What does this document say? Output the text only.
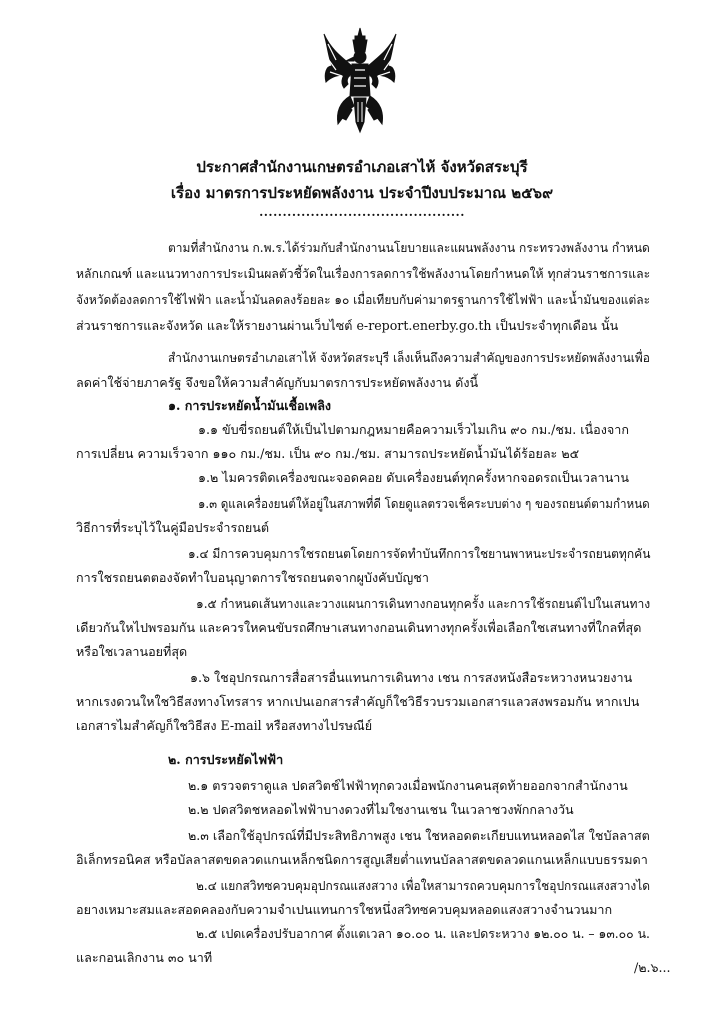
ประกาศสำนักงานเกษตรอำเภอเสาไห้ จังหวัดสระบุรี
เรื่อง มาตรการประหยัดพลังงาน ประจำปีงบประมาณ ๒๕๖๙
............................................
ตามที่สำนักงาน ก.พ.ร.ได้ร่วมกับสำนักงานนโยบายและแผนพลังงาน กระทรวงพลังงาน กำหนด
หลักเกณฑ์ และแนวทางการประเมินผลตัวชี้วัดในเรื่องการลดการใช้พลังงานโดยกำหนดให้ ทุกส่วนราชการและ
จังหวัดต้องลดการใช้ไฟฟ้า และน้ำมันลดลงร้อยละ ๑๐ เมื่อเทียบกับค่ามาตรฐานการใช้ไฟฟ้า และน้ำมันของแต่ละ
ส่วนราชการและจังหวัด และให้รายงานผ่านเว็บไซต์ e-report.enerby.go.th เป็นประจำทุกเดือน นั้น
สำนักงานเกษตรอำเภอเสาไห้ จังหวัดสระบุรี เล็งเห็นถึงความสำคัญของการประหยัดพลังงานเพื่อ
ลดค่าใช้จ่ายภาครัฐ จึงขอให้ความสำคัญกับมาตรการประหยัดพลังงาน ดังนี้
๑. การประหยัดน้ำมันเชื้อเพลิง
๑.๑ ขับขี่รถยนต์ให้เป็นไปตามกฎหมายคือความเร็วไมเกิน ๙๐ กม./ชม. เนื่องจาก
การเปลี่ยน ความเร็วจาก ๑๑๐ กม./ชม. เป็น ๙๐ กม./ชม. สามารถประหยัดน้ำมันได้ร้อยละ ๒๕
๑.๒ ไมควรติดเครื่องขณะจอดคอย ดับเครื่องยนต์ทุกครั้งหากจอดรถเป็นเวลานาน
๑.๓ ดูแลเครื่องยนต์ให้อยู่ในสภาพที่ดี โดยดูแลตรวจเช็คระบบต่าง ๆ ของรถยนต์ตามกำหนด
วิธีการที่ระบุไว้ในคู่มือประจำรถยนต์
๑.๔ มีการควบคุมการใชรถยนตโดยการจัดทำบันทึกการใชยานพาหนะประจำรถยนตทุกคัน
การใชรถยนตตองจัดทำใบอนุญาตการใชรถยนตจากผูบังคับบัญชา
๑.๕ กำหนดเส้นทางและวางแผนการเดินทางกอนทุกครั้ง และการใช้รถยนต์ไปในเสนทาง
เดียวกันใหไปพรอมกัน และควรใหคนขับรถศึกษาเสนทางกอนเดินทางทุกครั้งเพื่อเลือกใชเสนทางที่ใกลที่สุด
หรือใชเวลานอยที่สุด
๑.๖ ใชอุปกรณการสื่อสารอื่นแทนการเดินทาง เชน การสงหนังสือระหวางหนวยงาน
หากเรงดวนใหใชวิธีสงทางโทรสาร หากเปนเอกสารสำคัญก็ใชวิธีรวบรวมเอกสารแลวสงพรอมกัน หากเปน
เอกสารไมสำคัญก็ใชวิธีสง E-mail หรือสงทางไปรษณีย์
๒. การประหยัดไฟฟ้า
๒.๑ ตรวจตราดูแล ปดสวิตช์ไฟฟ้าทุกดวงเมื่อพนักงานคนสุดท้ายออกจากสำนักงาน
๒.๒ ปดสวิตชหลอดไฟฟ้าบางดวงที่ไมใชงานเชน ในเวลาชวงพักกลางวัน
๒.๓ เลือกใช้อุปกรณ์ที่มีประสิทธิภาพสูง เชน ใชหลอดตะเกียบแทนหลอดไส ใชบัลลาสต
อิเล็กทรอนิคส หรือบัลลาสตขดลวดแกนเหล็กชนิดการสูญเสียต่ำแทนบัลลาสตขดลวดแกนเหล็กแบบธรรมดา
๒.๔ แยกสวิทซควบคุมอุปกรณแสงสวาง เพื่อใหสามารถควบคุมการใชอุปกรณแสงสวางได
อยางเหมาะสมและสอดคลองกับความจำเปนแทนการใชหนึ่งสวิทซควบคุมหลอดแสงสวางจำนวนมาก
๒.๕ เปดเครื่องปรับอากาศ ตั้งแตเวลา ๑๐.๐๐ น. และปดระหวาง ๑๒.๐๐ น. – ๑๓.๐๐ น.
และกอนเลิกงาน ๓๐ นาที
/๒.๖...
